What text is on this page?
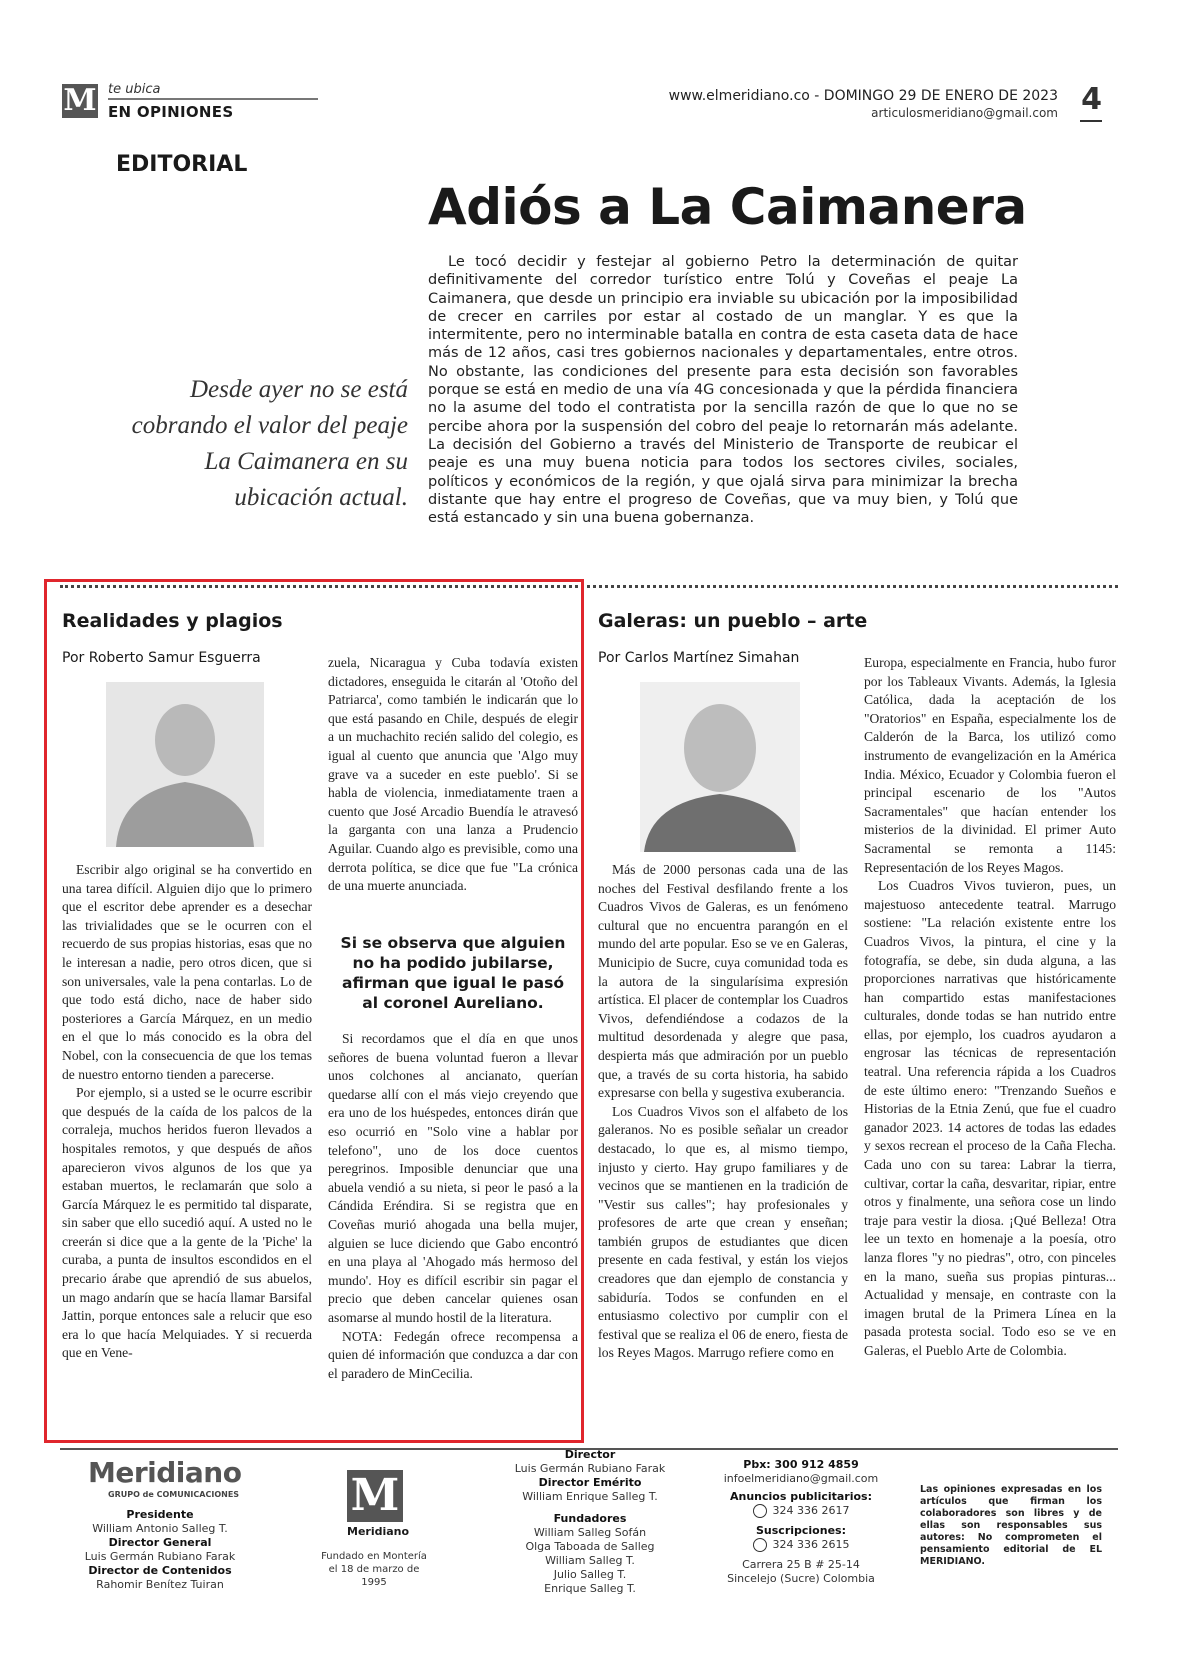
M te ubica
EN OPINIONES
www.elmeridiano.co - DOMINGO 29 DE ENERO DE 2023
articulosmeridiano@gmail.com 4
EDITORIAL
Adiós a La Caimanera

Le tocó decidir y festejar al gobierno Petro la determinación de quitar definitivamente del corredor turístico entre Tolú y Coveñas el peaje La Caimanera, que desde un principio era inviable su ubicación por la imposibilidad de crecer en carriles por estar al costado de un manglar. Y es que la intermitente, pero no interminable batalla en contra de esta caseta data de hace más de 12 años, casi tres gobiernos nacionales y departamentales, entre otros. No obstante, las condiciones del presente para esta decisión son favorables porque se está en medio de una vía 4G concesionada y que la pérdida financiera no la asume del todo el contratista por la sencilla razón de que lo que no se percibe ahora por la suspensión del cobro del peaje lo retornarán más adelante. La decisión del Gobierno a través del Ministerio de Transporte de reubicar el peaje es una muy buena noticia para todos los sectores civiles, sociales, políticos y económicos de la región, y que ojalá sirva para minimizar la brecha distante que hay entre el progreso de Coveñas, que va muy bien, y Tolú que está estancado y sin una buena gobernanza.

Desde ayer no se está cobrando el valor del peaje La Caimanera en su ubicación actual.
Realidades y plagios
Por Roberto Samur Esguerra

Escribir algo original se ha convertido en una tarea difícil. Alguien dijo que lo primero que el escritor debe aprender es a desechar las trivialidades que se le ocurren con el recuerdo de sus propias historias, esas que no le interesan a nadie, pero otros dicen, que si son universales, vale la pena contarlas. Lo de que todo está dicho, nace de haber sido posteriores a García Márquez, en un medio en el que lo más conocido es la obra del Nobel, con la consecuencia de que los temas de nuestro entorno tienden a parecerse.

Por ejemplo, si a usted se le ocurre escribir que después de la caída de los palcos de la corraleja, muchos heridos fueron llevados a hospitales remotos, y que después de años aparecieron vivos algunos de los que ya estaban muertos, le reclamarán que solo a García Márquez le es permitido tal disparate, sin saber que ello sucedió aquí. A usted no le creerán si dice que a la gente de la 'Piche' la curaba, a punta de insultos escondidos en el precario árabe que aprendió de sus abuelos, un mago andarín que se hacía llamar Barsifal Jattin, porque entonces sale a relucir que eso era lo que hacía Melquiades. Y si recuerda que en Vene-

zuela, Nicaragua y Cuba todavía existen dictadores, enseguida le citarán al 'Otoño del Patriarca', como también le indicarán que lo que está pasando en Chile, después de elegir a un muchachito recién salido del colegio, es igual al cuento que anuncia que 'Algo muy grave va a suceder en este pueblo'. Si se habla de violencia, inmediatamente traen a cuento que José Arcadio Buendía le atravesó la garganta con una lanza a Prudencio Aguilar. Cuando algo es previsible, como una derrota política, se dice que fue "La crónica de una muerte anunciada.

Si se observa que alguien no ha podido jubilarse, afirman que igual le pasó al coronel Aureliano.

Si recordamos que el día en que unos señores de buena voluntad fueron a llevar unos colchones al ancianato, querían quedarse allí con el más viejo creyendo que era uno de los huéspedes, entonces dirán que eso ocurrió en "Solo vine a hablar por telefono", uno de los doce cuentos peregrinos. Imposible denunciar que una abuela vendió a su nieta, si peor le pasó a la Cándida Eréndira. Si se registra que en Coveñas murió ahogada una bella mujer, alguien se luce diciendo que Gabo encontró en una playa al 'Ahogado más hermoso del mundo'. Hoy es difícil escribir sin pagar el precio que deben cancelar quienes osan asomarse al mundo hostil de la literatura.

NOTA: Fedegán ofrece recompensa a quien dé información que conduzca a dar con el paradero de MinCecilia.

Galeras: un pueblo – arte
Por Carlos Martínez Simahan

Más de 2000 personas cada una de las noches del Festival desfilando frente a los Cuadros Vivos de Galeras, es un fenómeno cultural que no encuentra parangón en el mundo del arte popular. Eso se ve en Galeras, Municipio de Sucre, cuya comunidad toda es la autora de la singularísima expresión artística. El placer de contemplar los Cuadros Vivos, defendiéndose a codazos de la multitud desordenada y alegre que pasa, despierta más que admiración por un pueblo que, a través de su corta historia, ha sabido expresarse con bella y sugestiva exuberancia.

Los Cuadros Vivos son el alfabeto de los galeranos. No es posible señalar un creador destacado, lo que es, al mismo tiempo, injusto y cierto. Hay grupo familiares y de vecinos que se mantienen en la tradición de "Vestir sus calles"; hay profesionales y profesores de arte que crean y enseñan; también grupos de estudiantes que dicen presente en cada festival, y están los viejos creadores que dan ejemplo de constancia y sabiduría. Todos se confunden en el entusiasmo colectivo por cumplir con el festival que se realiza el 06 de enero, fiesta de los Reyes Magos. Marrugo refiere como en

Europa, especialmente en Francia, hubo furor por los Tableaux Vivants. Además, la Iglesia Católica, dada la aceptación de los "Oratorios" en España, especialmente los de Calderón de la Barca, los utilizó como instrumento de evangelización en la América India. México, Ecuador y Colombia fueron el principal escenario de los "Autos Sacramentales" que hacían entender los misterios de la divinidad. El primer Auto Sacramental se remonta a 1145: Representación de los Reyes Magos.

Los Cuadros Vivos tuvieron, pues, un majestuoso antecedente teatral. Marrugo sostiene: "La relación existente entre los Cuadros Vivos, la pintura, el cine y la fotografía, se debe, sin duda alguna, a las proporciones narrativas que históricamente han compartido estas manifestaciones culturales, donde todas se han nutrido entre ellas, por ejemplo, los cuadros ayudaron a engrosar las técnicas de representación teatral. Una referencia rápida a los Cuadros de este último enero: "Trenzando Sueños e Historias de la Etnia Zenú, que fue el cuadro ganador 2023. 14 actores de todas las edades y sexos recrean el proceso de la Caña Flecha. Cada uno con su tarea: Labrar la tierra, cultivar, cortar la caña, desvaritar, ripiar, entre otros y finalmente, una señora cose un lindo traje para vestir la diosa. ¡Qué Belleza! Otra lee un texto en homenaje a la poesía, otro lanza flores "y no piedras", otro, con pinceles en la mano, sueña sus propias pinturas... Actualidad y mensaje, en contraste con la imagen brutal de la Primera Línea en la pasada protesta social. Todo eso se ve en Galeras, el Pueblo Arte de Colombia.

Meridiano
GRUPO de COMUNICACIONES
Presidente
William Antonio Salleg T.
Director General
Luis Germán Rubiano Farak
Director de Contenidos
Rahomir Benítez Tuiran
M
Meridiano
Fundado en Montería el 18 de marzo de 1995
Director
Luis Germán Rubiano Farak
Director Emérito
William Enrique Salleg T.
Fundadores
William Salleg Sofán
Olga Taboada de Salleg
William Salleg T.
Julio Salleg T.
Enrique Salleg T.
Pbx: 300 912 4859
infoelmeridiano@gmail.com
Anuncios publicitarios:
324 336 2617
Suscripciones:
324 336 2615
Carrera 25 B # 25-14
Sincelejo (Sucre) Colombia
Las opiniones expresadas en los artículos que firman los colaboradores son libres y de ellas son responsables sus autores: No comprometen el pensamiento editorial de EL MERIDIANO.
